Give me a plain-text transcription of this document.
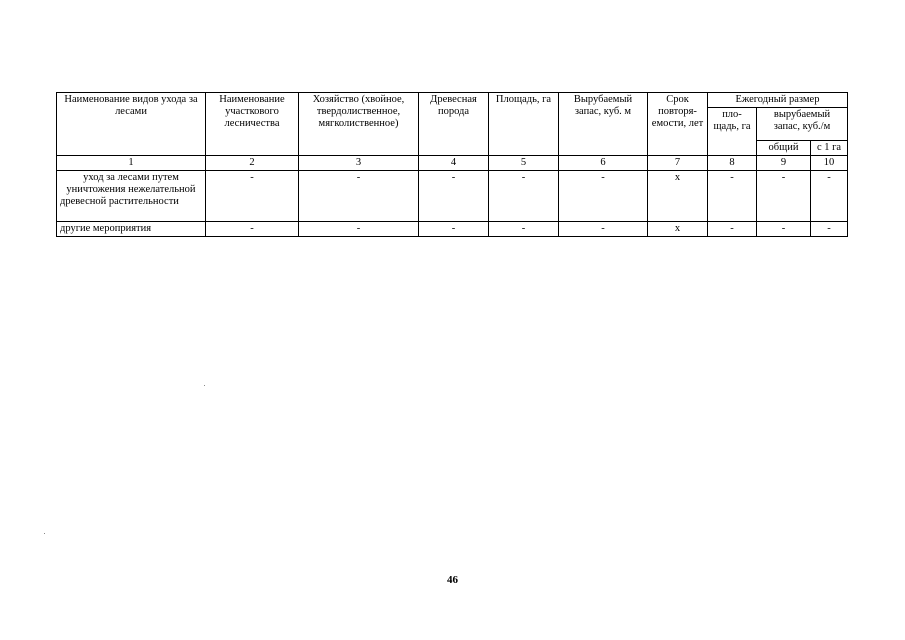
Наименование видов ухода за лесами	Наименование участкового лесничества	Хозяйство (хвойное, твердолиственное, мягколиственное)	Древесная порода	Площадь, га	Вырубаемый запас, куб. м	Срок повторя-емости, лет	Ежегодный размер		
							пло-щадь, га	вырубаемый запас, куб./м	
								общий	с 1 га
1	2	3	4	5	6	7	8	9	10
уход за лесами путем уничтожения нежелательной древесной растительности	-	-	-	-	-	х	-	-	-
другие мероприятия	-	-	-	-	-	х	-	-	-
46
